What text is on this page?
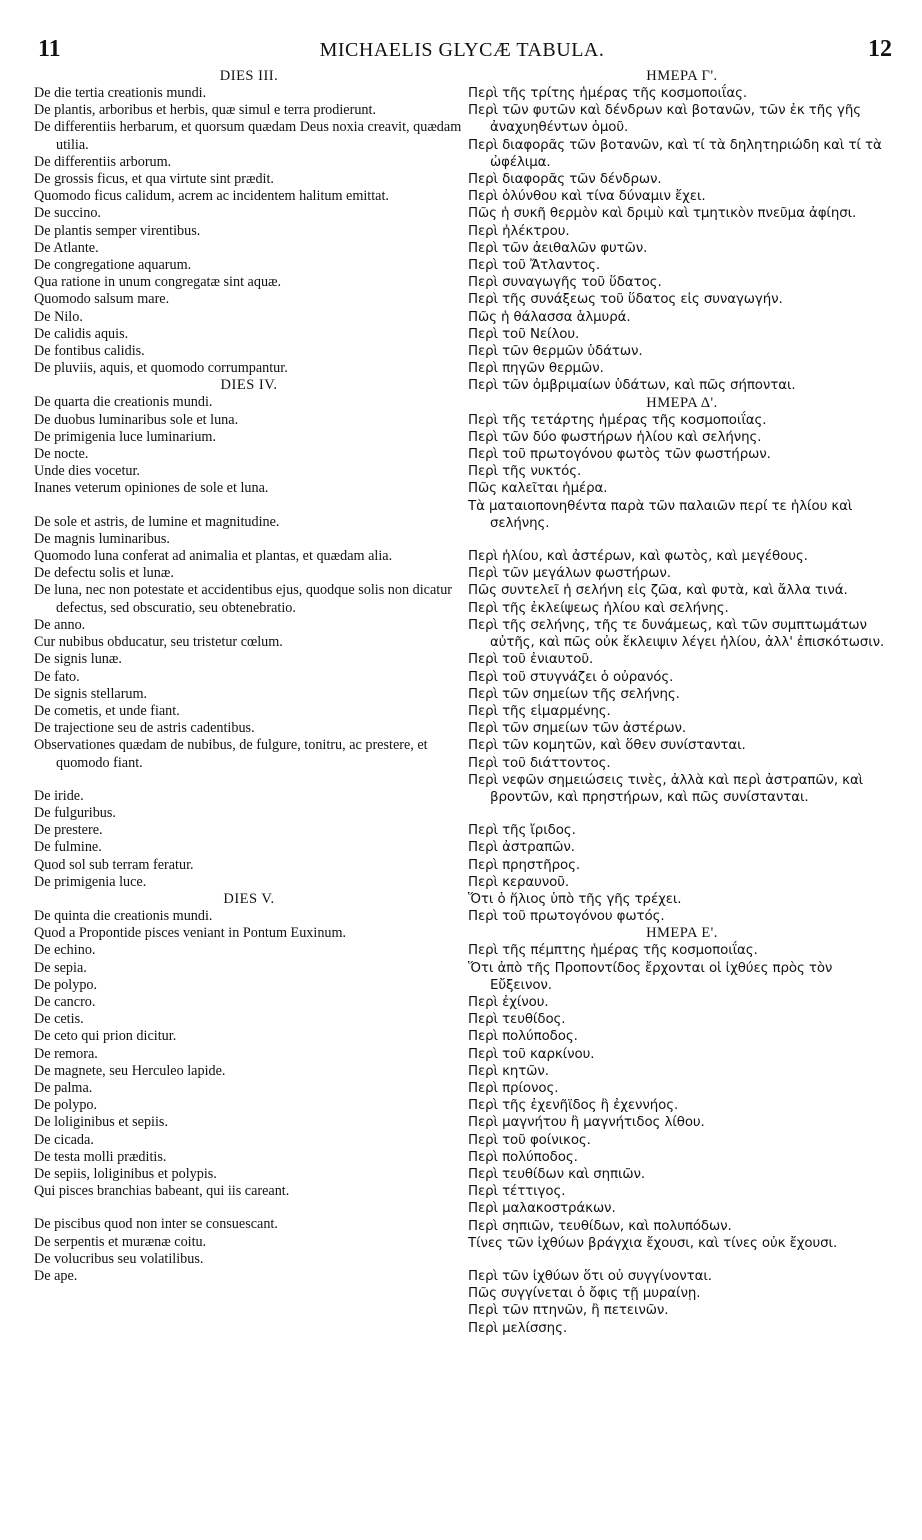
11	MICHAELIS GLYCÆ TABULA.	12
DIES III.
De die tertia creationis mundi.
De plantis, arboribus et herbis, quæ simul e terra prodierunt.
De differentiis herbarum, et quorsum quædam Deus noxia creavit, quædam utilia.
De differentiis arborum.
De grossis ficus, et qua virtute sint prædit.
Quomodo ficus calidum, acrem ac incidentem halitum emittat.
De succino.
De plantis semper virentibus.
De Atlante.
De congregatione aquarum.
Qua ratione in unum congregatæ sint aquæ.
Quomodo salsum mare.
De Nilo.
De calidis aquis.
De fontibus calidis.
De pluviis, aquis, et quomodo corrumpantur.
DIES IV.
De quarta die creationis mundi.
De duobus luminaribus sole et luna.
De primigenia luce luminarium.
De nocte.
Unde dies vocetur.
Inanes veterum opiniones de sole et luna.
De sole et astris, de lumine et magnitudine.
De magnis luminaribus.
Quomodo luna conferat ad animalia et plantas, et quædam alia.
De defectu solis et lunæ.
De luna, nec non potestate et accidentibus ejus, quodque solis non dicatur defectus, sed obscuratio, seu obtenebratio.
De anno.
Cur nubibus obducatur, seu tristetur cœlum.
De signis lunæ.
De fato.
De signis stellarum.
De cometis, et unde fiant.
De trajectione seu de astris cadentibus.
Observationes quædam de nubibus, de fulgure, tonitru, ac prestere, et quomodo fiant.
De iride.
De fulguribus.
De prestere.
De fulmine.
Quod sol sub terram feratur.
De primigenia luce.
DIES V.
De quinta die creationis mundi.
Quod a Propontide pisces veniant in Pontum Euxinum.
De echino.
De sepia.
De polypo.
De cancro.
De cetis.
De ceto qui prion dicitur.
De remora.
De magnete, seu Herculeo lapide.
De palma.
De polypo.
De loliginibus et sepiis.
De cicada.
De testa molli præditis.
De sepiis, loliginibus et polypis.
Qui pisces branchias babeant, qui iis careant.
De piscibus quod non inter se consuescant.
De serpentis et murænæ coitu.
De volucribus seu volatilibus.
De ape.
ΗΜΕΡΑ Γ'.
Περὶ τῆς τρίτης ἡμέρας τῆς κοσμοποιΐας.
Περὶ τῶν φυτῶν καὶ δένδρων καὶ βοτανῶν, τῶν ἐκ τῆς γῆς ἀναχυηθέντων ὁμοῦ.
Περὶ διαφορᾶς τῶν βοτανῶν, καὶ τί τὰ δηλητηριώδη καὶ τί τὰ ὠφέλιμα.
Περὶ διαφορᾶς τῶν δένδρων.
Περὶ ὀλύνθου καὶ τίνα δύναμιν ἔχει.
Πῶς ἡ συκῆ θερμὸν καὶ δριμὺ καὶ τμητικὸν πνεῦμα ἀφίησι.
Περὶ ἠλέκτρου.
Περὶ τῶν ἀειθαλῶν φυτῶν.
Περὶ τοῦ Ἄτλαντος.
Περὶ συναγωγῆς τοῦ ὕδατος.
Περὶ τῆς συνάξεως τοῦ ὕδατος εἰς συναγωγήν.
Πῶς ἡ θάλασσα ἁλμυρά.
Περὶ τοῦ Νείλου.
Περὶ τῶν θερμῶν ὑδάτων.
Περὶ πηγῶν θερμῶν.
Περὶ τῶν ὀμβριμαίων ὑδάτων, καὶ πῶς σήπονται.
ΗΜΕΡΑ Δ'.
Περὶ τῆς τετάρτης ἡμέρας τῆς κοσμοποιΐας.
Περὶ τῶν δύο φωστήρων ἡλίου καὶ σελήνης.
Περὶ τοῦ πρωτογόνου φωτὸς τῶν φωστήρων.
Περὶ τῆς νυκτός.
Πῶς καλεῖται ἡμέρα.
Τὰ ματαιοπονηθέντα παρὰ τῶν παλαιῶν περί τε ἡλίου καὶ σελήνης.
Περὶ ἡλίου, καὶ ἀστέρων, καὶ φωτὸς, καὶ μεγέθους.
Περὶ τῶν μεγάλων φωστήρων.
Πῶς συντελεῖ ἡ σελήνη εἰς ζῶα, καὶ φυτὰ, καὶ ἄλλα τινά.
Περὶ τῆς ἐκλείψεως ἡλίου καὶ σελήνης.
Περὶ τῆς σελήνης, τῆς τε δυνάμεως, καὶ τῶν συμπτωμάτων αὐτῆς, καὶ πῶς οὐκ ἔκλειψιν λέγει ἡλίου, ἀλλ' ἐπισκότωσιν.
Περὶ τοῦ ἐνιαυτοῦ.
Περὶ τοῦ στυγνάζει ὁ οὐρανός.
Περὶ τῶν σημείων τῆς σελήνης.
Περὶ τῆς εἱμαρμένης.
Περὶ τῶν σημείων τῶν ἀστέρων.
Περὶ τῶν κομητῶν, καὶ ὅθεν συνίστανται.
Περὶ τοῦ διάττοντος.
Περὶ νεφῶν σημειώσεις τινὲς, ἀλλὰ καὶ περὶ ἀστραπῶν, καὶ βροντῶν, καὶ πρηστήρων, καὶ πῶς συνίστανται.
Περὶ τῆς ἴριδος.
Περὶ ἀστραπῶν.
Περὶ πρηστῆρος.
Περὶ κεραυνοῦ.
Ὅτι ὁ ἥλιος ὑπὸ τῆς γῆς τρέχει.
Περὶ τοῦ πρωτογόνου φωτός.
ΗΜΕΡΑ Ε'.
Περὶ τῆς πέμπτης ἡμέρας τῆς κοσμοποιΐας.
Ὅτι ἀπὸ τῆς Προποντίδος ἔρχονται οἱ ἰχθύες πρὸς τὸν Εὔξεινον.
Περὶ ἐχίνου.
Περὶ τευθίδος.
Περὶ πολύποδος.
Περὶ τοῦ καρκίνου.
Περὶ κητῶν.
Περὶ πρίονος.
Περὶ τῆς ἐχενῆϊδος ἢ ἐχεννήος.
Περὶ μαγνήτου ἢ μαγνήτιδος λίθου.
Περὶ τοῦ φοίνικος.
Περὶ πολύποδος.
Περὶ τευθίδων καὶ σηπιῶν.
Περὶ τέττιγος.
Περὶ μαλακοστράκων.
Περὶ σηπιῶν, τευθίδων, καὶ πολυπόδων.
Τίνες τῶν ἰχθύων βράγχια ἔχουσι, καὶ τίνες οὐκ ἔχουσι.
Περὶ τῶν ἰχθύων ὅτι οὐ συγγίνονται.
Πῶς συγγίνεται ὁ ὄφις τῇ μυραίνῃ.
Περὶ τῶν πτηνῶν, ἢ πετεινῶν.
Περὶ μελίσσης.
